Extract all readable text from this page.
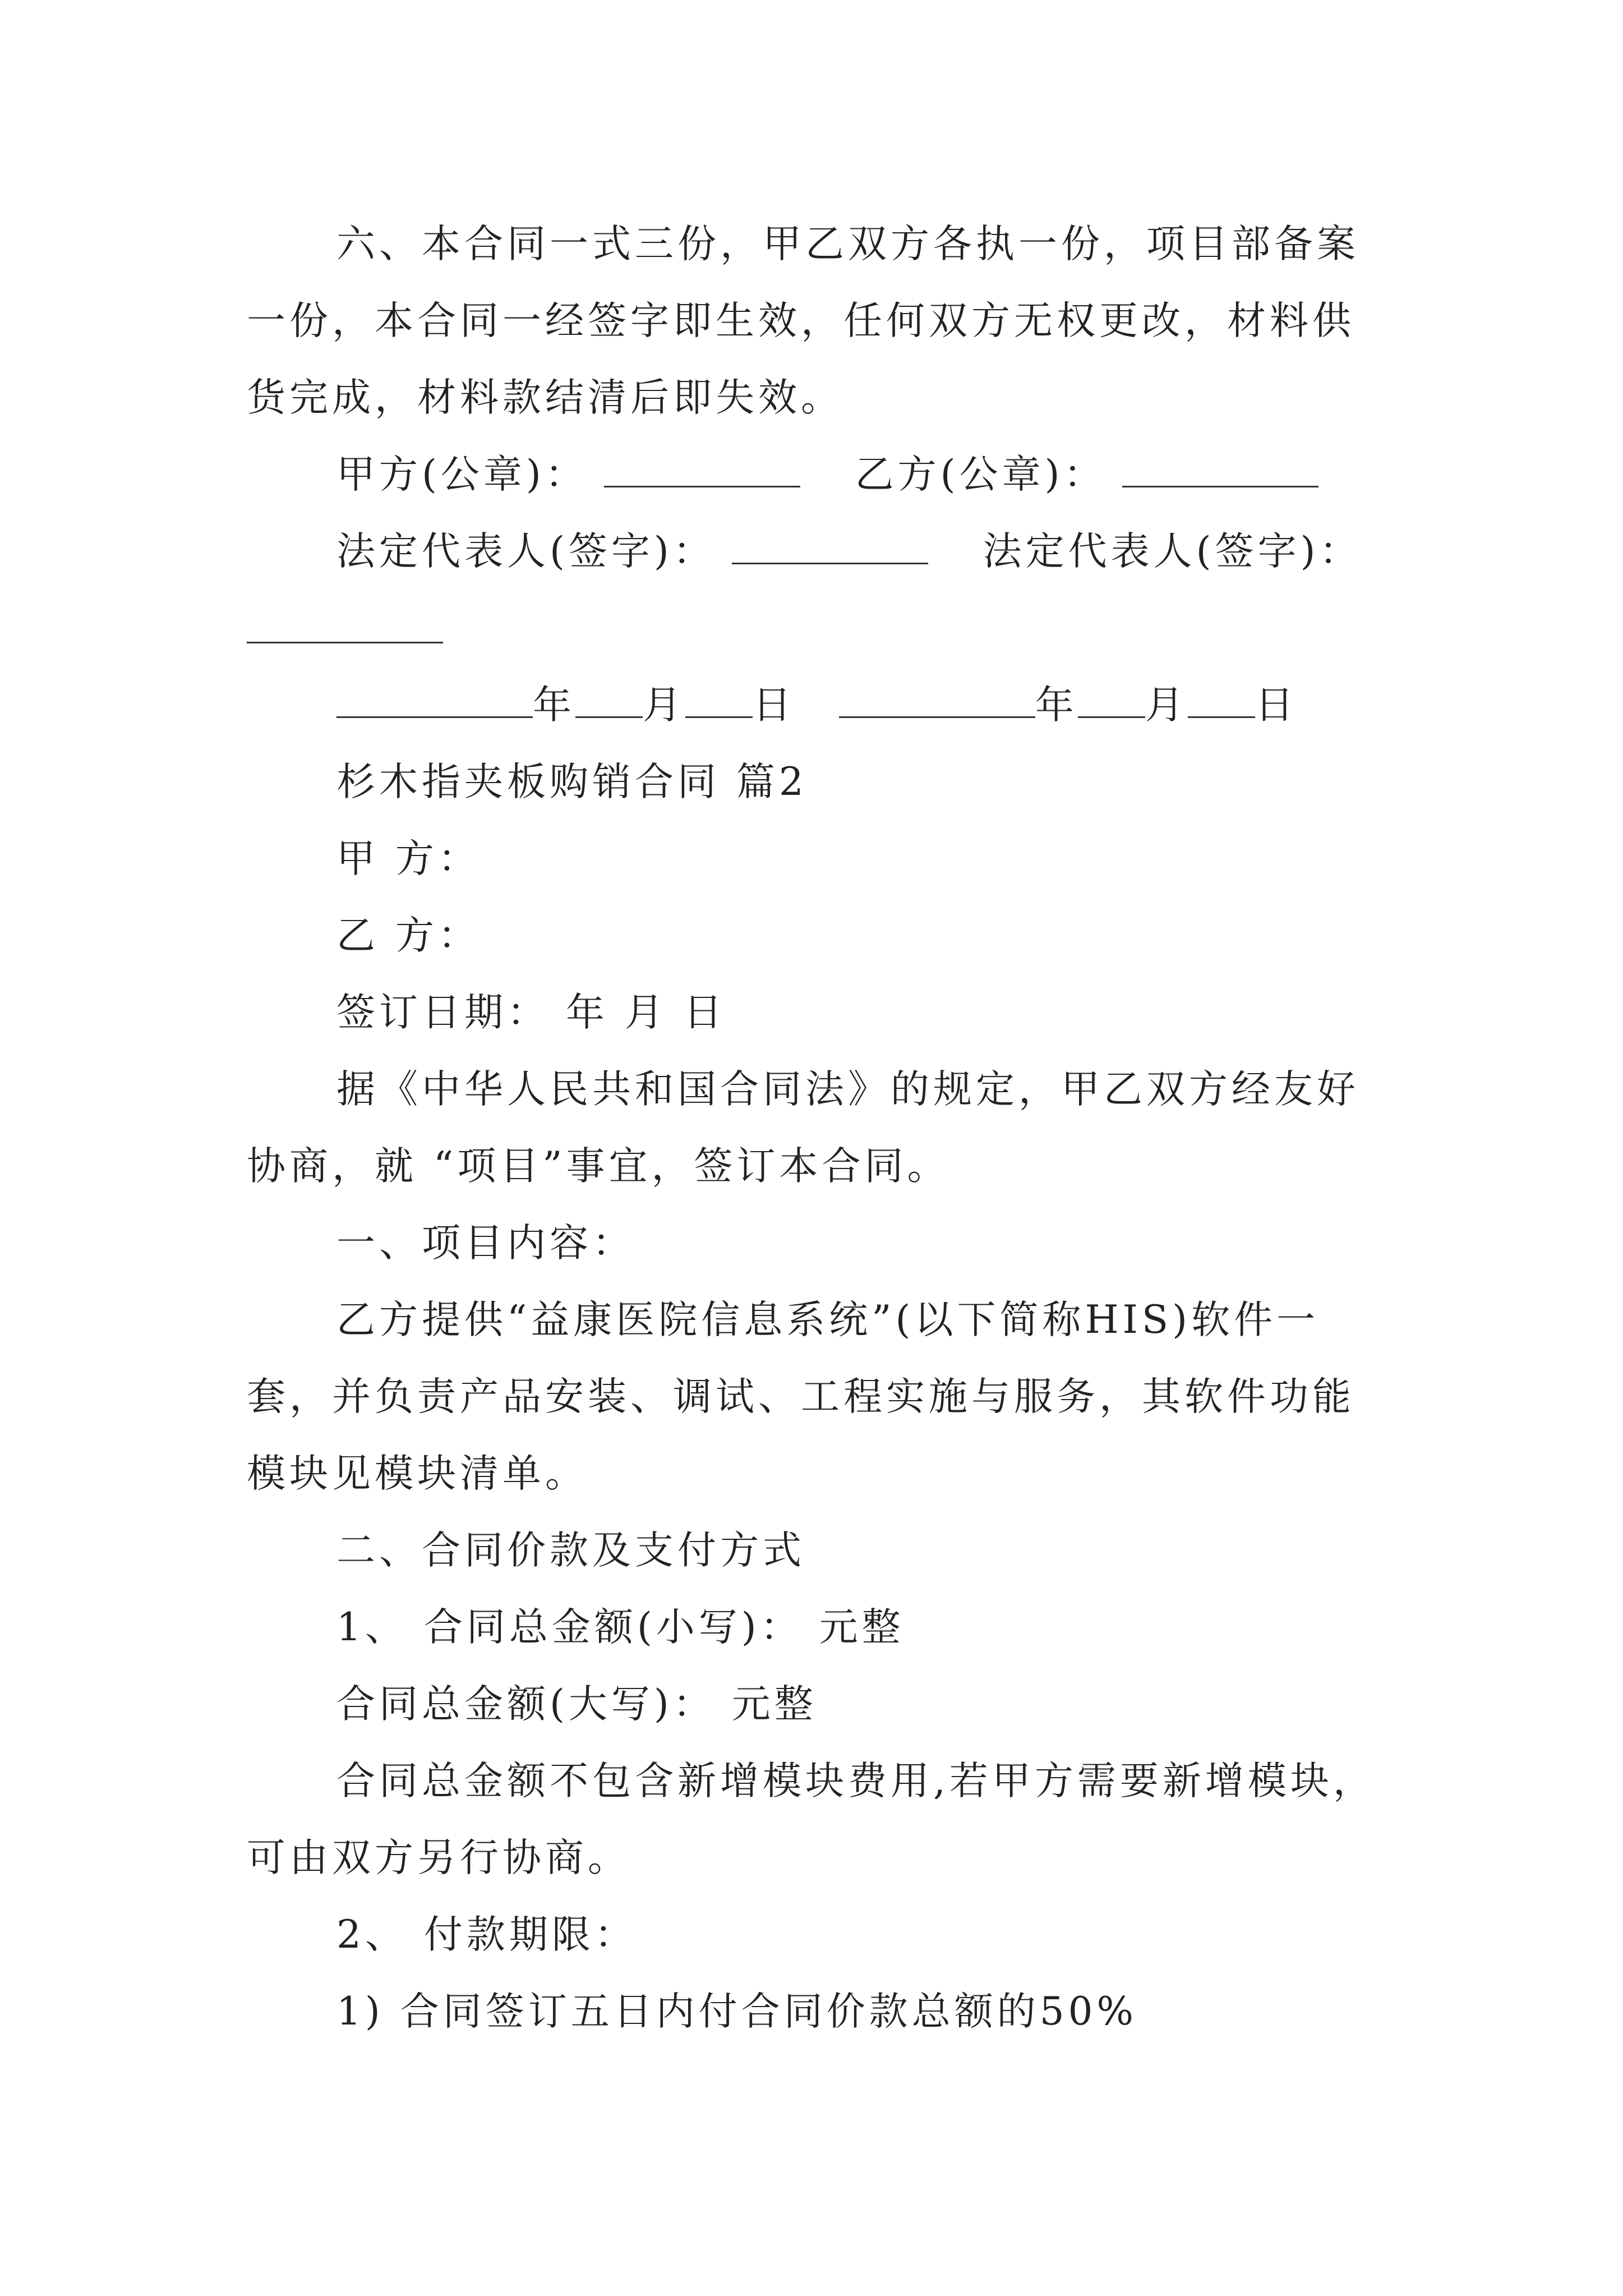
六、本合同一式三份，甲乙双方各执一份，项目部备案

一份，本合同一经签字即生效，任何双方无权更改，材料供

货完成，材料款结清后即失效。

甲方(公章)：	乙方(公章)：

法定代表人(签字)：	法定代表人(签字)：

年 月 日	年 月 日

杉木指夹板购销合同 篇2

甲 方：

乙 方：

签订日期： 年 月 日

据《中华人民共和国合同法》的规定，甲乙双方经友好

协商，就 “项目”事宜，签订本合同。

一、项目内容：

乙方提供“益康医院信息系统”(以下简称HIS)软件一

套，并负责产品安装、调试、工程实施与服务，其软件功能

模块见模块清单。

二、合同价款及支付方式

1、 合同总金额(小写)： 元整

合同总金额(大写)： 元整

合同总金额不包含新增模块费用,若甲方需要新增模块，

可由双方另行协商。

2、 付款期限：

1) 合同签订五日内付合同价款总额的50%
